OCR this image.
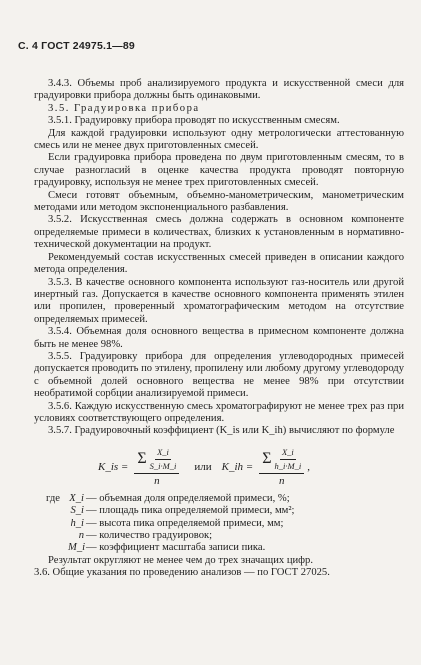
С. 4 ГОСТ 24975.1—89

3.4.3. Объемы проб анализируемого продукта и искусственной смеси для градуировки прибора должны быть одинаковыми.

3.5. Градуировка прибора

3.5.1. Градуировку прибора проводят по искусственным смесям.

Для каждой градуировки используют одну метрологически аттестованную смесь или не менее двух приготовленных смесей.

Если градуировка прибора проведена по двум приготовленным смесям, то в случае разногласий в оценке качества продукта проводят повторную градуировку, используя не менее трех приготовленных смесей.

Смеси готовят объемным, объемно-манометрическим, манометрическим методами или методом экспоненциального разбавления.

3.5.2. Искусственная смесь должна содержать в основном компоненте определяемые примеси в количествах, близких к установленным в нормативно-технической документации на продукт.

Рекомендуемый состав искусственных смесей приведен в описании каждого метода определения.

3.5.3. В качестве основного компонента используют газ-носитель или другой инертный газ. Допускается в качестве основного компонента применять этилен или пропилен, проверенный хроматографическим методом на отсутствие определяемых примесей.

3.5.4. Объемная доля основного вещества в примесном компоненте должна быть не менее 98%.

3.5.5. Градуировку прибора для определения углеводородных примесей допускается проводить по этилену, пропилену или любому другому углеводороду с объемной долей основного вещества не менее 98% при отсутствии необратимой сорбции анализируемой примеси.

3.5.6. Каждую искусственную смесь хроматографируют не менее трех раз при условиях соответствующего определения.

3.5.7. Градуировочный коэффициент (K_is или K_ih) вычисляют по формуле

K_is = $\frac{\Sigma \frac{X\_i}{S\_i\cdot M\_i}}{n}$ или K_ih = $\frac{\Sigma \frac{X\_i}{h\_i\cdot M\_i}}{n}$ ,
где X_i — объемная доля определяемой примеси, %;
S_i — площадь пика определяемой примеси, мм²;
h_i — высота пика определяемой примеси, мм;
n — количество градуировок;
M_i — коэффициент масштаба записи пика.

Результат округляют не менее чем до трех значащих цифр.

3.6. Общие указания по проведению анализов — по ГОСТ 27025.
